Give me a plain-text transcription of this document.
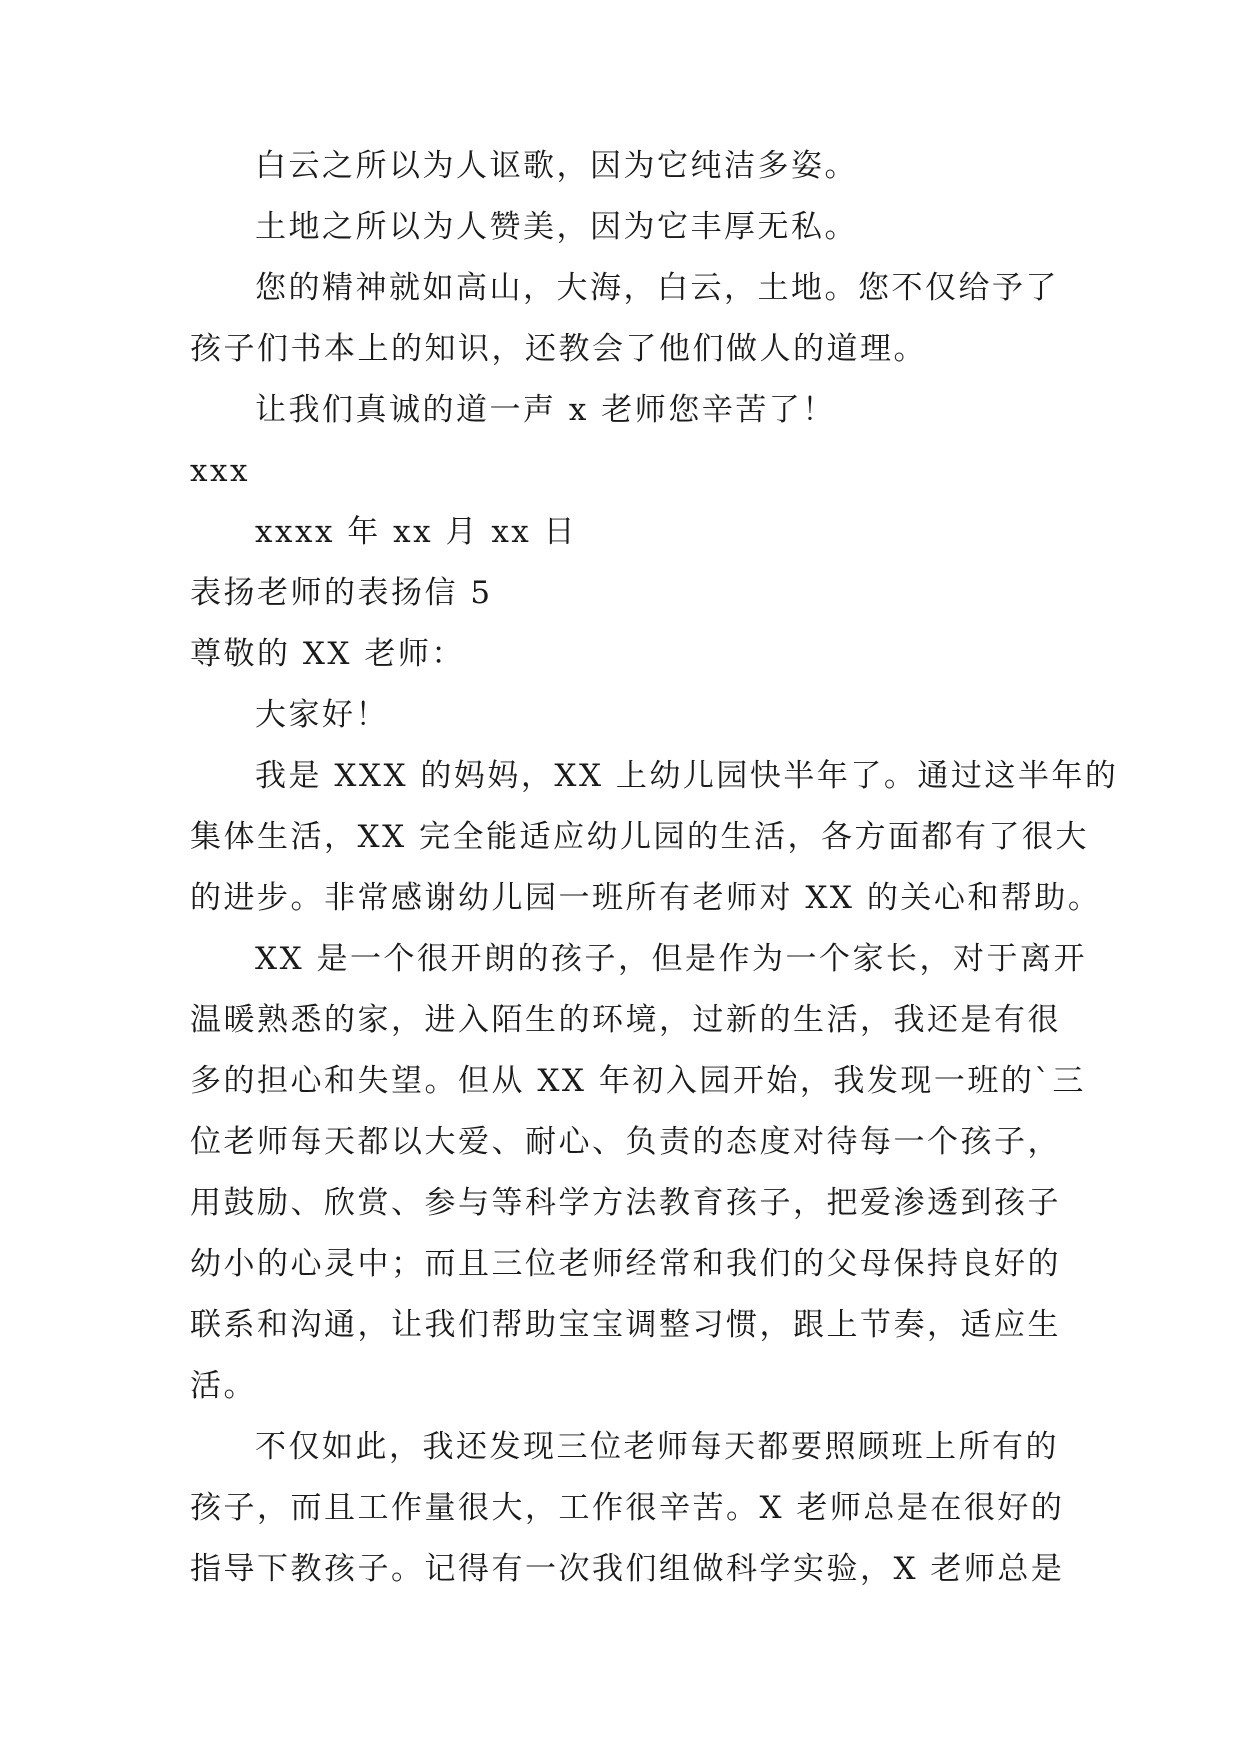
白云之所以为人讴歌，因为它纯洁多姿。
土地之所以为人赞美，因为它丰厚无私。
您的精神就如高山，大海，白云，土地。您不仅给予了
孩子们书本上的知识，还教会了他们做人的道理。
让我们真诚的道一声 x 老师您辛苦了！
xxx
xxxx 年 xx 月 xx 日
表扬老师的表扬信 5
尊敬的 XX 老师：
大家好！
我是 XXX 的妈妈，XX 上幼儿园快半年了。通过这半年的
集体生活，XX 完全能适应幼儿园的生活，各方面都有了很大
的进步。非常感谢幼儿园一班所有老师对 XX 的关心和帮助。
XX 是一个很开朗的孩子，但是作为一个家长，对于离开
温暖熟悉的家，进入陌生的环境，过新的生活，我还是有很
多的担心和失望。但从 XX 年初入园开始，我发现一班的`三
位老师每天都以大爱、耐心、负责的态度对待每一个孩子，
用鼓励、欣赏、参与等科学方法教育孩子，把爱渗透到孩子
幼小的心灵中；而且三位老师经常和我们的父母保持良好的
联系和沟通，让我们帮助宝宝调整习惯，跟上节奏，适应生
活。
不仅如此，我还发现三位老师每天都要照顾班上所有的
孩子，而且工作量很大，工作很辛苦。X 老师总是在很好的
指导下教孩子。记得有一次我们组做科学实验，X 老师总是
